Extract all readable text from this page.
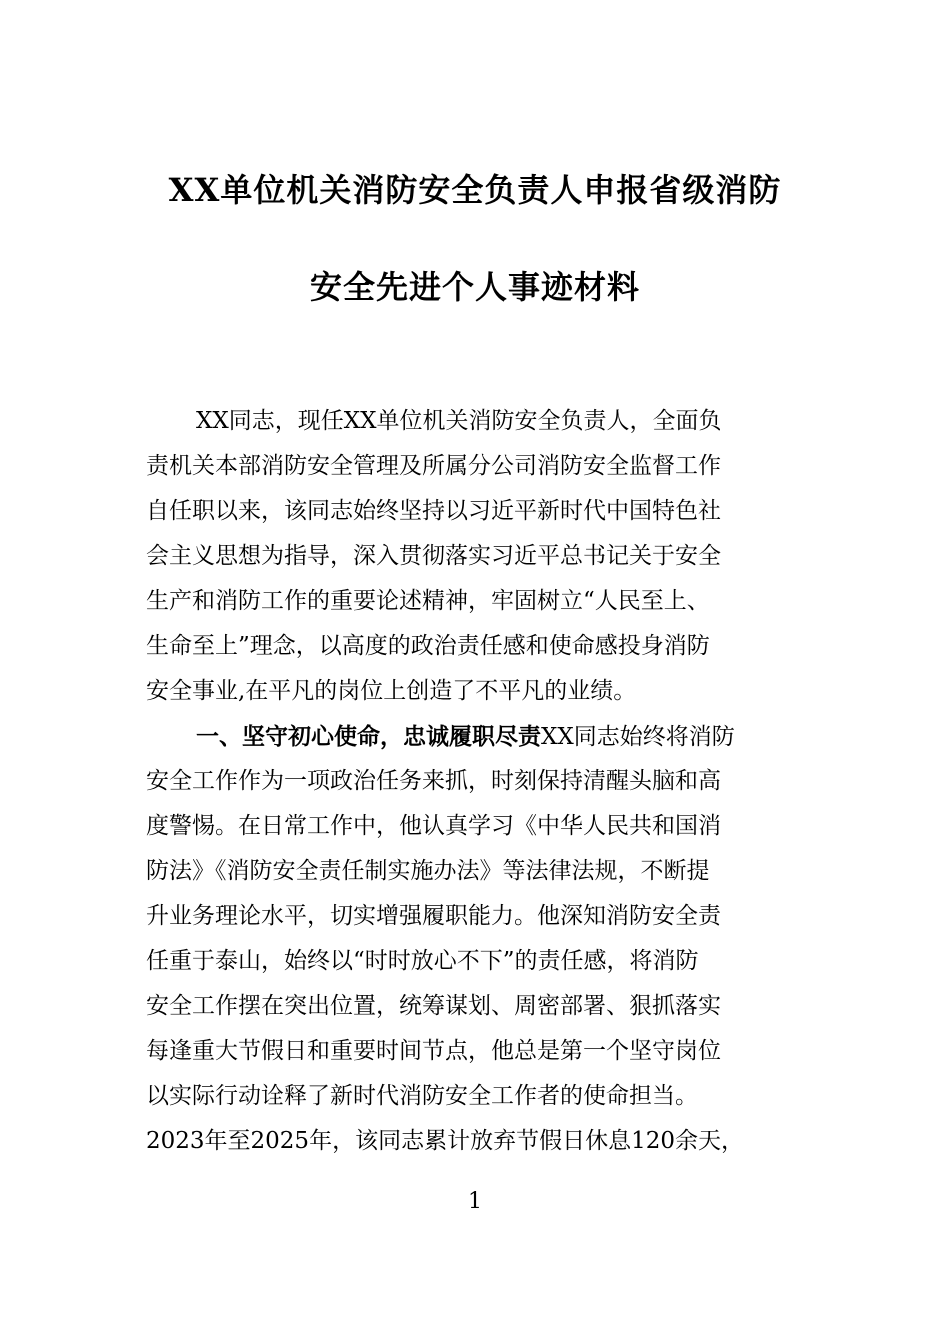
XX单位机关消防安全负责人申报省级消防
安全先进个人事迹材料
XX同志，现任XX单位机关消防安全负责人，全面负
责机关本部消防安全管理及所属分公司消防安全监督工作
自任职以来，该同志始终坚持以习近平新时代中国特色社
会主义思想为指导，深入贯彻落实习近平总书记关于安全
生产和消防工作的重要论述精神，牢固树立“人民至上、
生命至上”理念，以高度的政治责任感和使命感投身消防
安全事业,在平凡的岗位上创造了不平凡的业绩。
一、坚守初心使命，忠诚履职尽责XX同志始终将消防
安全工作作为一项政治任务来抓，时刻保持清醒头脑和高
度警惕。在日常工作中，他认真学习《中华人民共和国消
防法》《消防安全责任制实施办法》等法律法规，不断提
升业务理论水平，切实增强履职能力。他深知消防安全责
任重于泰山，始终以“时时放心不下”的责任感，将消防
安全工作摆在突出位置，统筹谋划、周密部署、狠抓落实
每逢重大节假日和重要时间节点，他总是第一个坚守岗位
以实际行动诠释了新时代消防安全工作者的使命担当。
2023年至2025年，该同志累计放弃节假日休息120余天，
1
